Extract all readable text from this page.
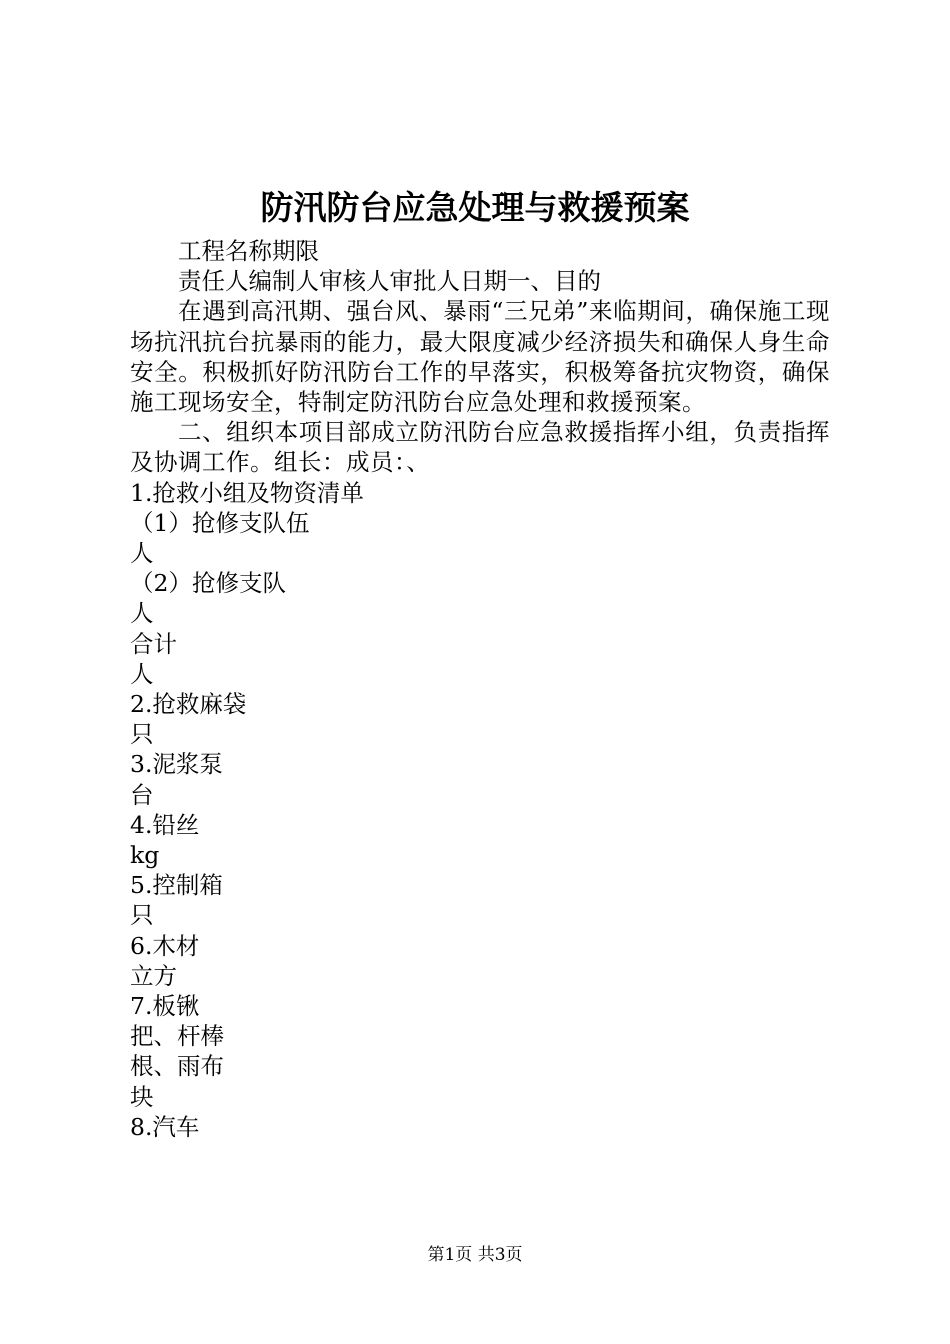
防汛防台应急处理与救援预案

工程名称期限

责任人编制人审核人审批人日期一、目的

在遇到高汛期、强台风、暴雨“三兄弟”来临期间，确保施工现场抗汛抗台抗暴雨的能力，最大限度减少经济损失和确保人身生命安全。积极抓好防汛防台工作的早落实，积极筹备抗灾物资，确保施工现场安全，特制定防汛防台应急处理和救援预案。

二、组织本项目部成立防汛防台应急救援指挥小组，负责指挥及协调工作。组长：成员：、

1.抢救小组及物资清单

（1）抢修支队伍

人

（2）抢修支队

人

合计

人

2.抢救麻袋

只

3.泥浆泵

台

4.铅丝

kg

5.控制箱

只

6.木材

立方

7.板锹

把、杆棒

根、雨布

块

8.汽车

第1页 共3页
